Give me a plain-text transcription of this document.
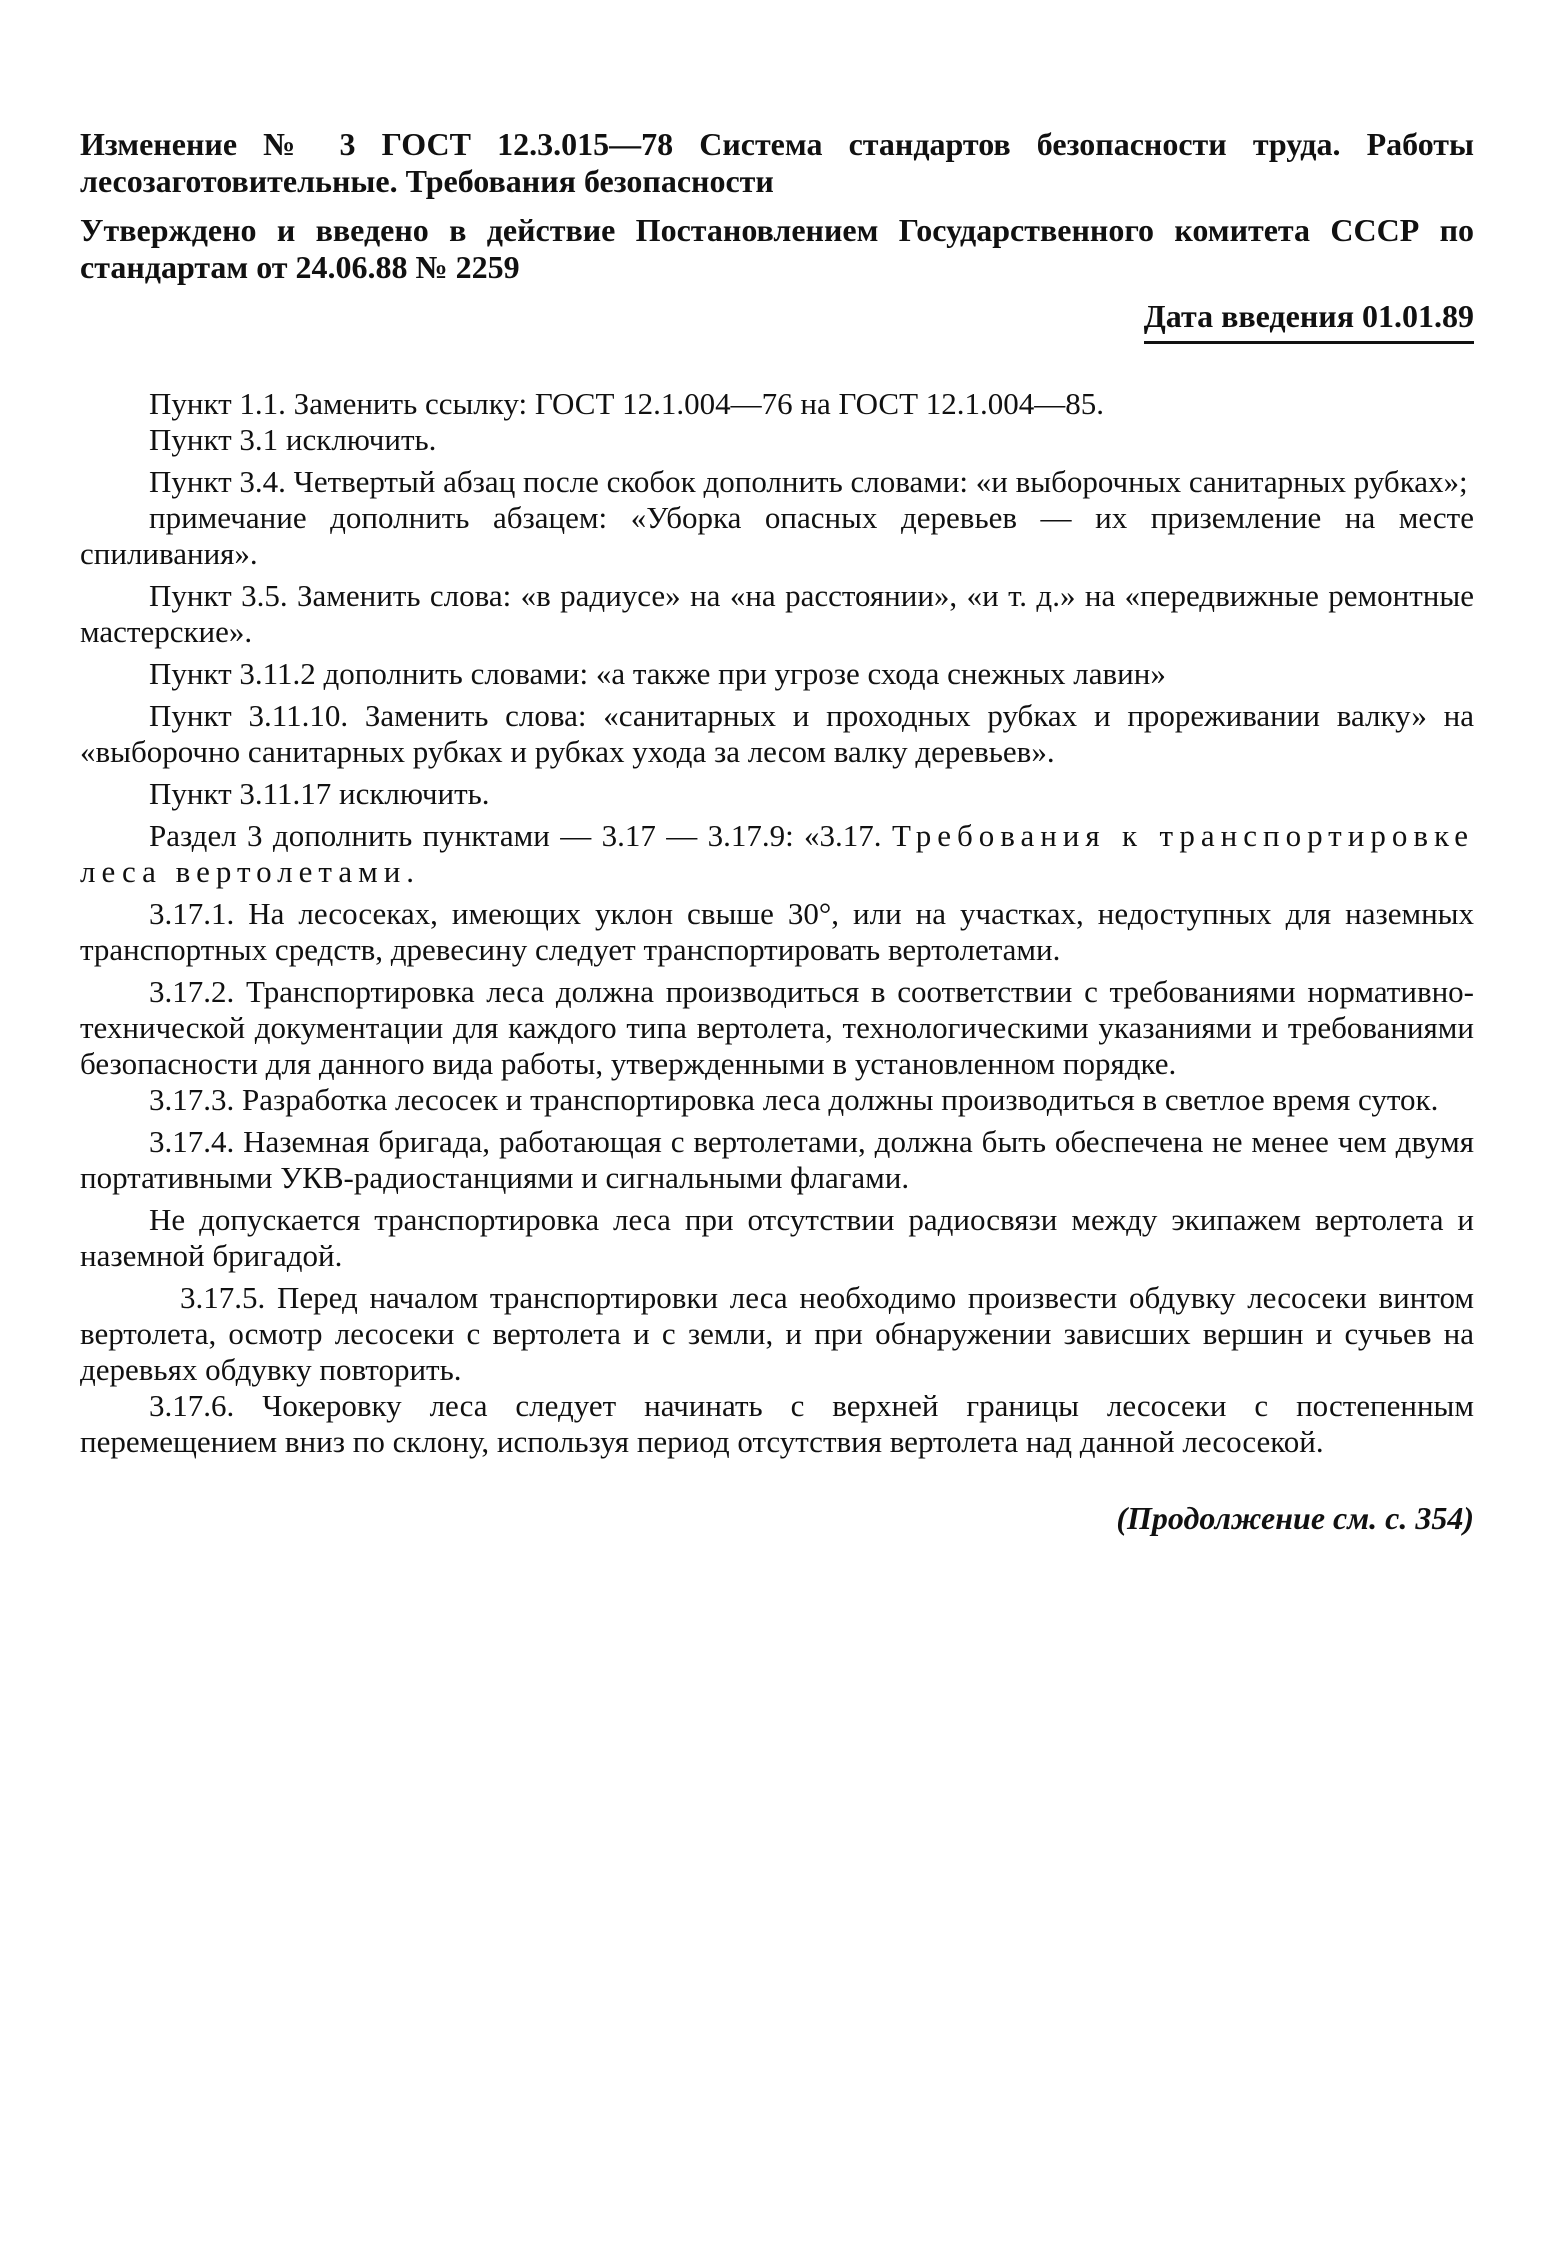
Изменение № 3 ГОСТ 12.3.015—78 Система стандартов безопасности труда. Работы лесозаготовительные. Требования безопасности

Утверждено и введено в действие Постановлением Государственного комитета СССР по стандартам от 24.06.88 № 2259

Дата введения 01.01.89

Пункт 1.1. Заменить ссылку: ГОСТ 12.1.004—76 на ГОСТ 12.1.004—85.

Пункт 3.1 исключить.

Пункт 3.4. Четвертый абзац после скобок дополнить словами: «и выборочных санитарных рубках»;

примечание дополнить абзацем: «Уборка опасных деревьев — их приземление на месте спиливания».

Пункт 3.5. Заменить слова: «в радиусе» на «на расстоянии», «и т. д.» на «передвижные ремонтные мастерские».

Пункт 3.11.2 дополнить словами: «а также при угрозе схода снежных лавин»

Пункт 3.11.10. Заменить слова: «санитарных и проходных рубках и прореживании валку» на «выборочно санитарных рубках и рубках ухода за лесом валку деревьев».

Пункт 3.11.17 исключить.

Раздел 3 дополнить пунктами — 3.17 — 3.17.9: «3.17. Требования к транспортировке леса вертолетами.

3.17.1. На лесосеках, имеющих уклон свыше 30°, или на участках, недоступных для наземных транспортных средств, древесину следует транспортировать вертолетами.

3.17.2. Транспортировка леса должна производиться в соответствии с требованиями нормативно-технической документации для каждого типа вертолета, технологическими указаниями и требованиями безопасности для данного вида работы, утвержденными в установленном порядке.

3.17.3. Разработка лесосек и транспортировка леса должны производиться в светлое время суток.

3.17.4. Наземная бригада, работающая с вертолетами, должна быть обеспечена не менее чем двумя портативными УКВ-радиостанциями и сигнальными флагами.

Не допускается транспортировка леса при отсутствии радиосвязи между экипажем вертолета и наземной бригадой.

3.17.5. Перед началом транспортировки леса необходимо произвести обдувку лесосеки винтом вертолета, осмотр лесосеки с вертолета и с земли, и при обнаружении зависших вершин и сучьев на деревьях обдувку повторить.

3.17.6. Чокеровку леса следует начинать с верхней границы лесосеки с постепенным перемещением вниз по склону, используя период отсутствия вертолета над данной лесосекой.

(Продолжение см. с. 354)
